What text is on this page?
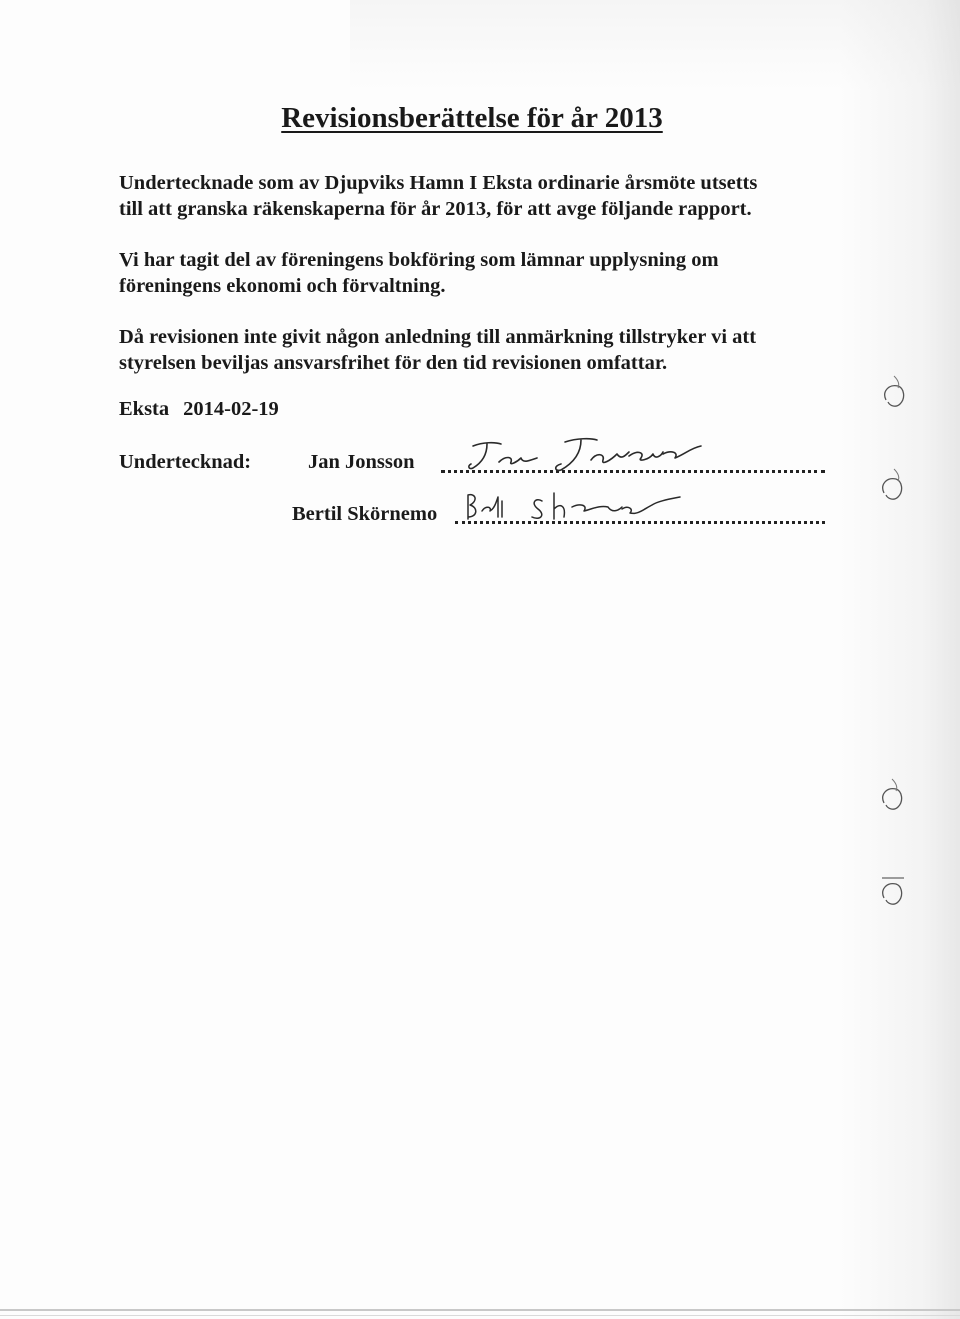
Revisionsberättelse för år 2013

Undertecknade som av Djupviks Hamn I Eksta ordinarie årsmöte utsetts
till att granska räkenskaperna för år 2013, för att avge följande rapport.

Vi har tagit del av föreningens bokföring som lämnar upplysning om
föreningens ekonomi och förvaltning.

Då revisionen inte givit någon anledning till anmärkning tillstryker vi att
styrelsen beviljas ansvarsfrihet för den tid revisionen omfattar.

Eksta 2014-02-19
Undertecknad:	Jan Jonsson
Bertil Skörnemo
